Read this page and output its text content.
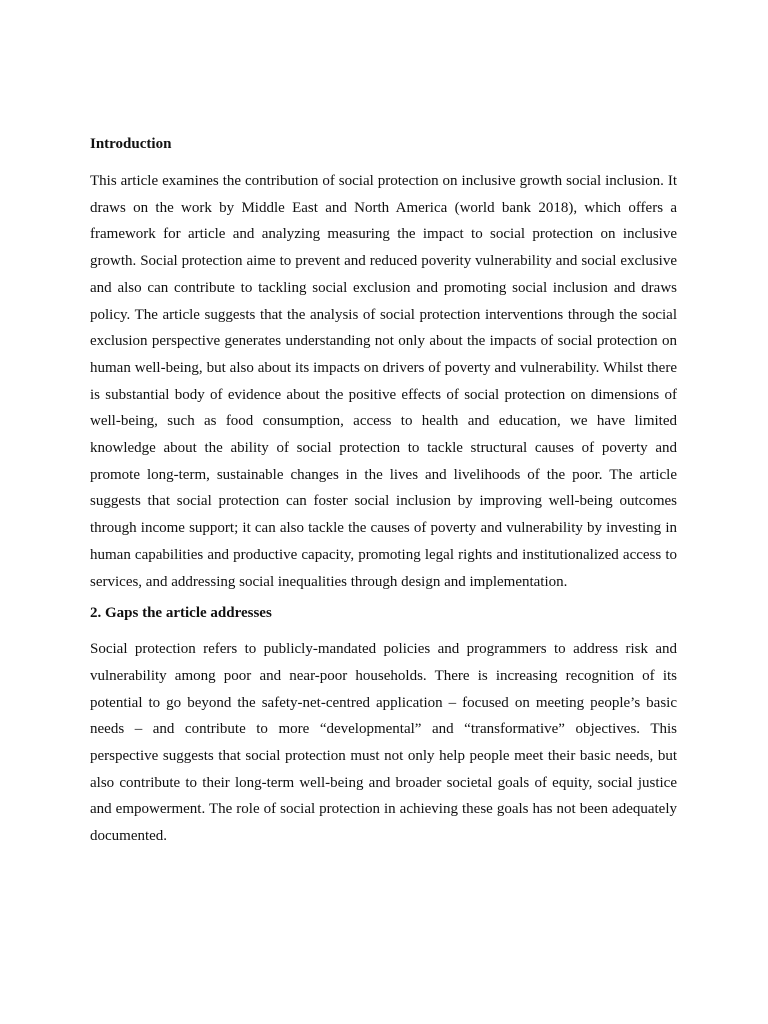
Introduction

This article examines the contribution of social protection on inclusive growth social inclusion. It draws on the work by Middle East and North America (world bank 2018), which offers a framework for article and analyzing measuring the impact to social protection on inclusive growth. Social protection aime to prevent and reduced poverity vulnerability and social exclusive and also can contribute to tackling social exclusion and promoting social inclusion and draws policy. The article suggests that the analysis of social protection interventions through the social exclusion perspective generates understanding not only about the impacts of social protection on human well-being, but also about its impacts on drivers of poverty and vulnerability. Whilst there is substantial body of evidence about the positive effects of social protection on dimensions of well-being, such as food consumption, access to health and education, we have limited knowledge about the ability of social protection to tackle structural causes of poverty and promote long-term, sustainable changes in the lives and livelihoods of the poor. The article suggests that social protection can foster social inclusion by improving well-being outcomes through income support; it can also tackle the causes of poverty and vulnerability by investing in human capabilities and productive capacity, promoting legal rights and institutionalized access to services, and addressing social inequalities through design and implementation.

2. Gaps the article addresses

Social protection refers to publicly-mandated policies and programmers to address risk and vulnerability among poor and near-poor households. There is increasing recognition of its potential to go beyond the safety-net-centred application – focused on meeting people’s basic needs – and contribute to more “developmental” and “transformative” objectives. This perspective suggests that social protection must not only help people meet their basic needs, but also contribute to their long-term well-being and broader societal goals of equity, social justice and empowerment. The role of social protection in achieving these goals has not been adequately documented.
